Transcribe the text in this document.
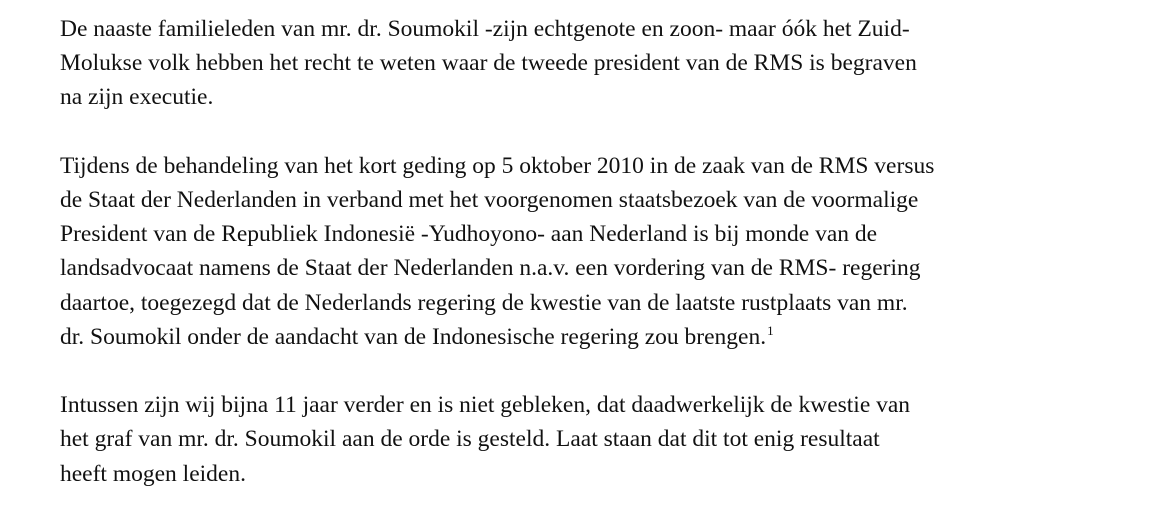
De naaste familieleden van mr. dr. Soumokil -zijn echtgenote en zoon- maar óók het Zuid-
Molukse volk hebben het recht te weten waar de tweede president van de RMS is begraven
na zijn executie.

Tijdens de behandeling van het kort geding op 5 oktober 2010 in de zaak van de RMS versus
de Staat der Nederlanden in verband met het voorgenomen staatsbezoek van de voormalige
President van de Republiek Indonesië -Yudhoyono- aan Nederland is bij monde van de
landsadvocaat namens de Staat der Nederlanden n.a.v. een vordering van de RMS- regering
daartoe, toegezegd dat de Nederlands regering de kwestie van de laatste rustplaats van mr.
dr. Soumokil onder de aandacht van de Indonesische regering zou brengen.$^1$

Intussen zijn wij bijna 11 jaar verder en is niet gebleken, dat daadwerkelijk de kwestie van
het graf van mr. dr. Soumokil aan de orde is gesteld. Laat staan dat dit tot enig resultaat
heeft mogen leiden.
